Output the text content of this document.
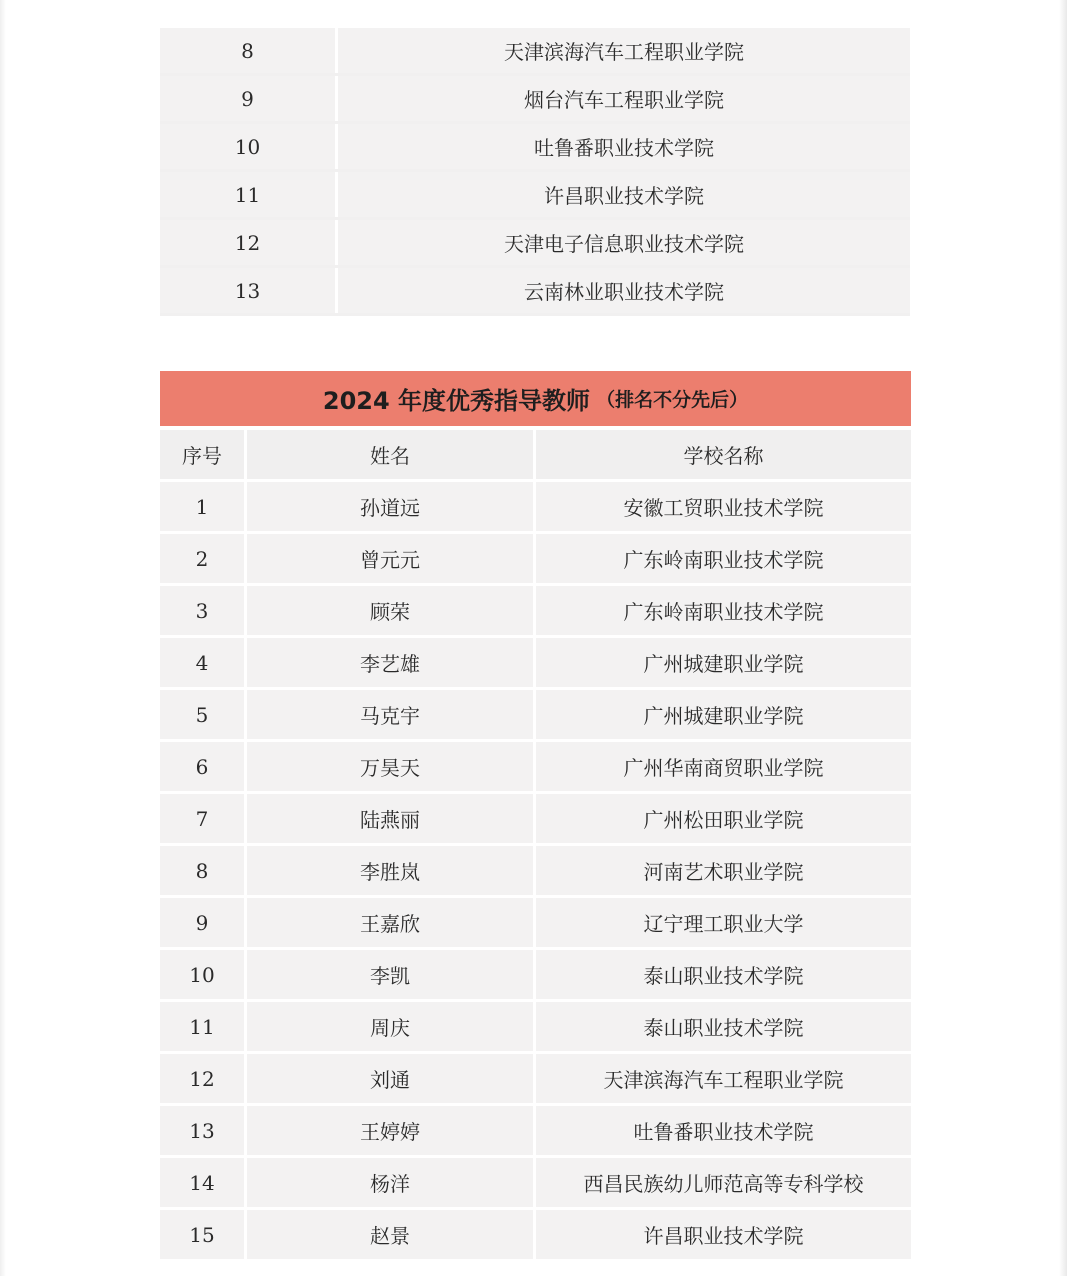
8	天津滨海汽车工程职业学院
9	烟台汽车工程职业学院
10	吐鲁番职业技术学院
11	许昌职业技术学院
12	天津电子信息职业技术学院
13	云南林业职业技术学院
2024 年度优秀指导教师 （排名不分先后）
序号	姓名	学校名称
1	孙道远	安徽工贸职业技术学院
2	曾元元	广东岭南职业技术学院
3	顾荣	广东岭南职业技术学院
4	李艺雄	广州城建职业学院
5	马克宇	广州城建职业学院
6	万昊天	广州华南商贸职业学院
7	陆燕丽	广州松田职业学院
8	李胜岚	河南艺术职业学院
9	王嘉欣	辽宁理工职业大学
10	李凯	泰山职业技术学院
11	周庆	泰山职业技术学院
12	刘通	天津滨海汽车工程职业学院
13	王婷婷	吐鲁番职业技术学院
14	杨洋	西昌民族幼儿师范高等专科学校
15	赵景	许昌职业技术学院
